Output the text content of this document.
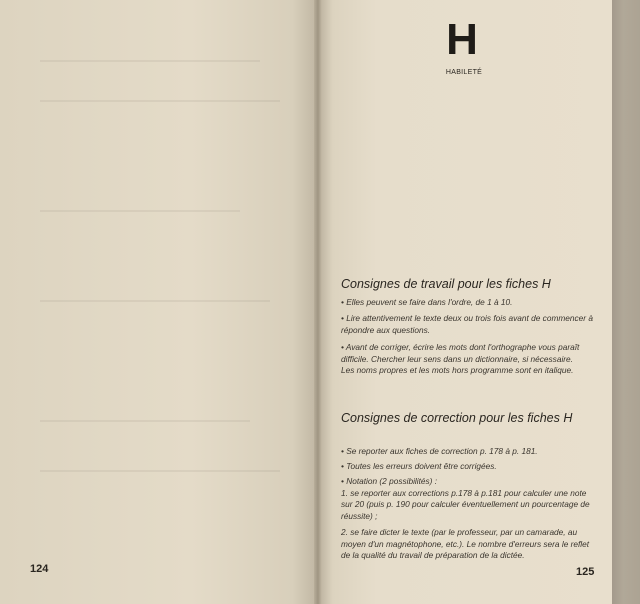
124
H
HABILETÉ
Consignes de travail pour les fiches H
• Elles peuvent se faire dans l'ordre, de 1 à 10.
• Lire attentivement le texte deux ou trois fois avant de commencer à
répondre aux questions.
• Avant de corriger, écrire les mots dont l'orthographe vous paraît
difficile. Chercher leur sens dans un dictionnaire, si nécessaire.
Les noms propres et les mots hors programme sont en italique.
Consignes de correction pour les fiches H
• Se reporter aux fiches de correction p. 178 à p. 181.
• Toutes les erreurs doivent être corrigées.
• Notation (2 possibilités) :
1. se reporter aux corrections p.178 à p.181 pour calculer une note
sur 20 (puis p. 190 pour calculer éventuellement un pourcentage de
réussite) ;
2. se faire dicter le texte (par le professeur, par un camarade, au
moyen d'un magnétophone, etc.). Le nombre d'erreurs sera le reflet
de la qualité du travail de préparation de la dictée.
125
